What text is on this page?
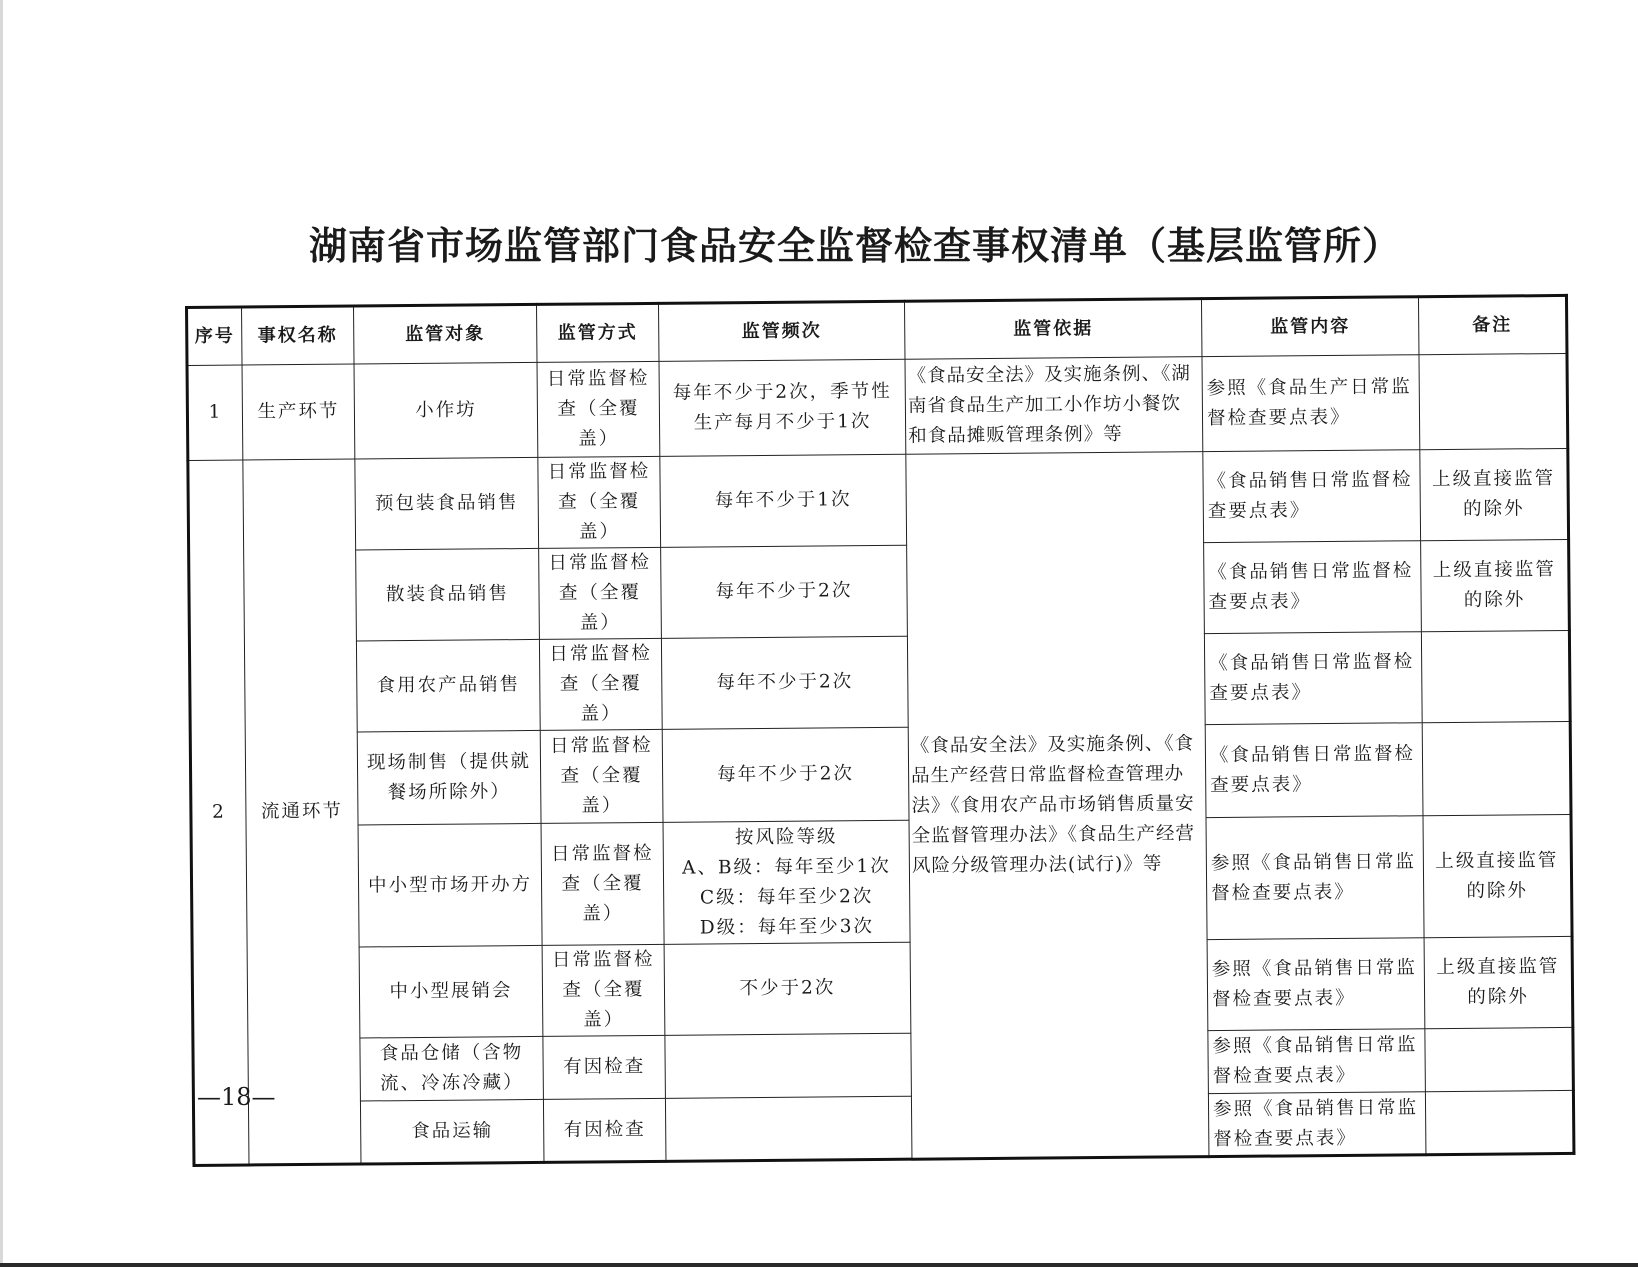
湖南省市场监管部门食品安全监督检查事权清单（基层监管所）
序号	事权名称	监管对象	监管方式	监管频次	监管依据	监管内容	备注
1	生产环节	小作坊	日常监督检查（全覆盖）	每年不少于2次，季节性生产每月不少于1次	《食品安全法》及实施条例、《湖南省食品生产加工小作坊小餐饮和食品摊贩管理条例》等	参照《食品生产日常监督检查要点表》	
2	流通环节	预包装食品销售	日常监督检查（全覆盖）	每年不少于1次	《食品安全法》及实施条例、《食品生产经营日常监督检查管理办法》《食用农产品市场销售质量安全监督管理办法》《食品生产经营风险分级管理办法(试行)》等	《食品销售日常监督检查要点表》	上级直接监管的除外
		散装食品销售	日常监督检查（全覆盖）	每年不少于2次		《食品销售日常监督检查要点表》	上级直接监管的除外
		食用农产品销售	日常监督检查（全覆盖）	每年不少于2次		《食品销售日常监督检查要点表》	
		现场制售（提供就餐场所除外）	日常监督检查（全覆盖）	每年不少于2次		《食品销售日常监督检查要点表》	
		中小型市场开办方	日常监督检查（全覆盖）	按风险等级
A、B级：每年至少1次
C级：每年至少2次
D级：每年至少3次		参照《食品销售日常监督检查要点表》	上级直接监管的除外
		中小型展销会	日常监督检查（全覆盖）	不少于2次		参照《食品销售日常监督检查要点表》	上级直接监管的除外
		食品仓储（含物流、冷冻冷藏）	有因检查			参照《食品销售日常监督检查要点表》	
		食品运输	有因检查			参照《食品销售日常监督检查要点表》	
—18—
